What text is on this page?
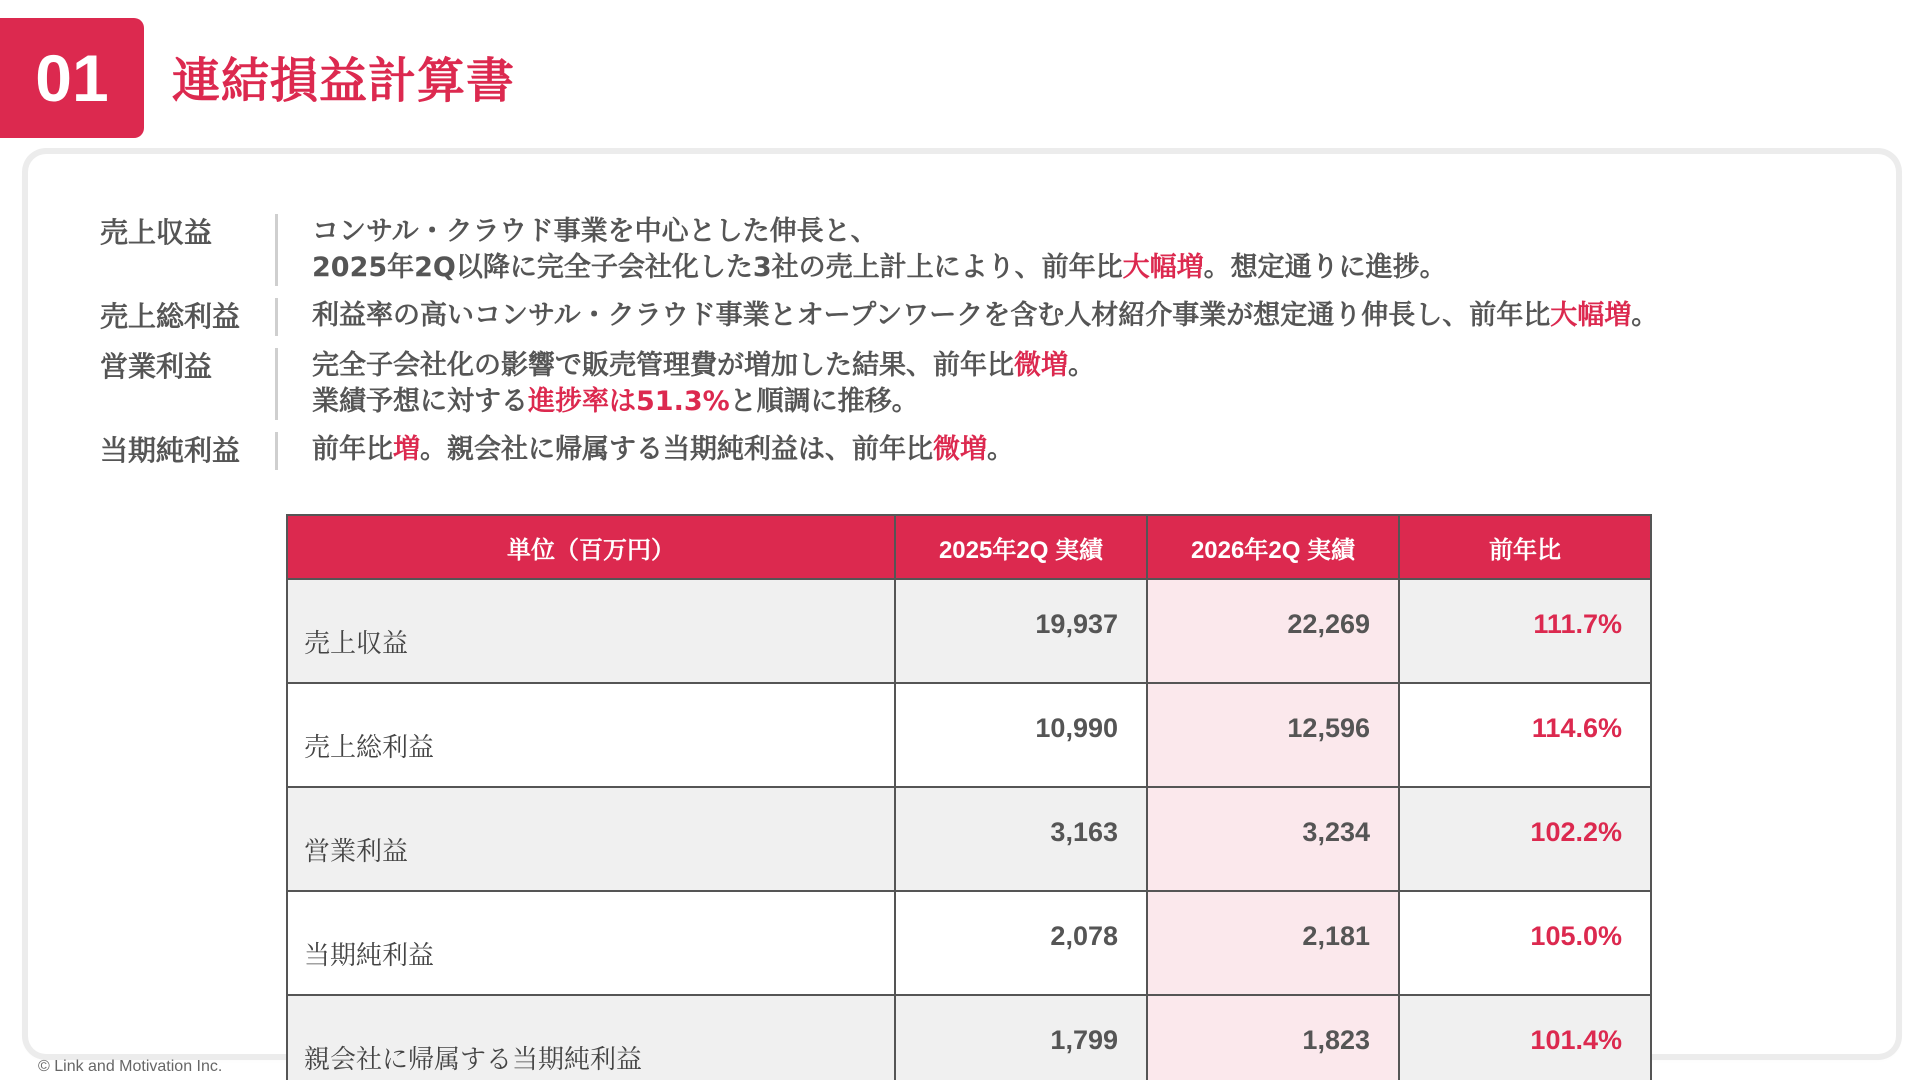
01	連結損益計算書
売上収益	コンサル・クラウド事業を中心とした伸長と、
2025年2Q以降に完全子会社化した3社の売上計上により、前年比大幅増。想定通りに進捗。
売上総利益	利益率の高いコンサル・クラウド事業とオープンワークを含む人材紹介事業が想定通り伸長し、前年比大幅増。
営業利益	完全子会社化の影響で販売管理費が増加した結果、前年比微増。
業績予想に対する進捗率は51.3%と順調に推移。
当期純利益	前年比増。親会社に帰属する当期純利益は、前年比微増。
単位（百万円）	2025年2Q 実績	2026年2Q 実績	前年比
売上収益	19,937	22,269	111.7%
売上総利益	10,990	12,596	114.6%
営業利益	3,163	3,234	102.2%
当期純利益	2,078	2,181	105.0%
親会社に帰属する当期純利益	1,799	1,823	101.4%
© Link and Motivation Inc.
